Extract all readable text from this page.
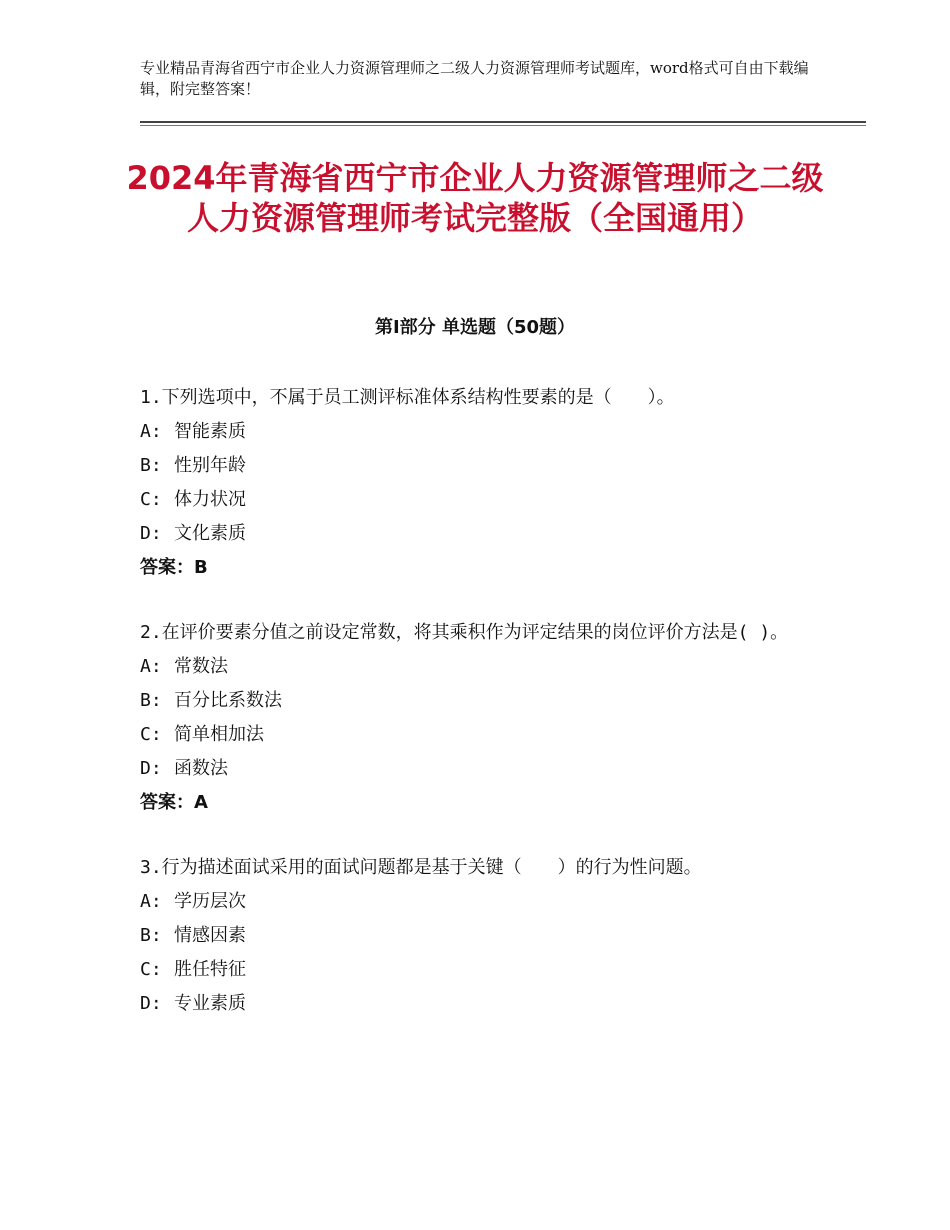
专业精品青海省西宁市企业人力资源管理师之二级人力资源管理师考试题库，word格式可自由下载编辑，附完整答案！
2024年青海省西宁市企业人力资源管理师之二级人力资源管理师考试完整版（全国通用）
第Ⅰ部分 单选题（50题）
1.下列选项中，不属于员工测评标准体系结构性要素的是（　　）。
A: 智能素质
B: 性别年龄
C: 体力状况
D: 文化素质
答案：B
2.在评价要素分值之前设定常数，将其乘积作为评定结果的岗位评价方法是( )。
A: 常数法
B: 百分比系数法
C: 简单相加法
D: 函数法
答案：A
3.行为描述面试采用的面试问题都是基于关键（　　）的行为性问题。
A: 学历层次
B: 情感因素
C: 胜任特征
D: 专业素质
